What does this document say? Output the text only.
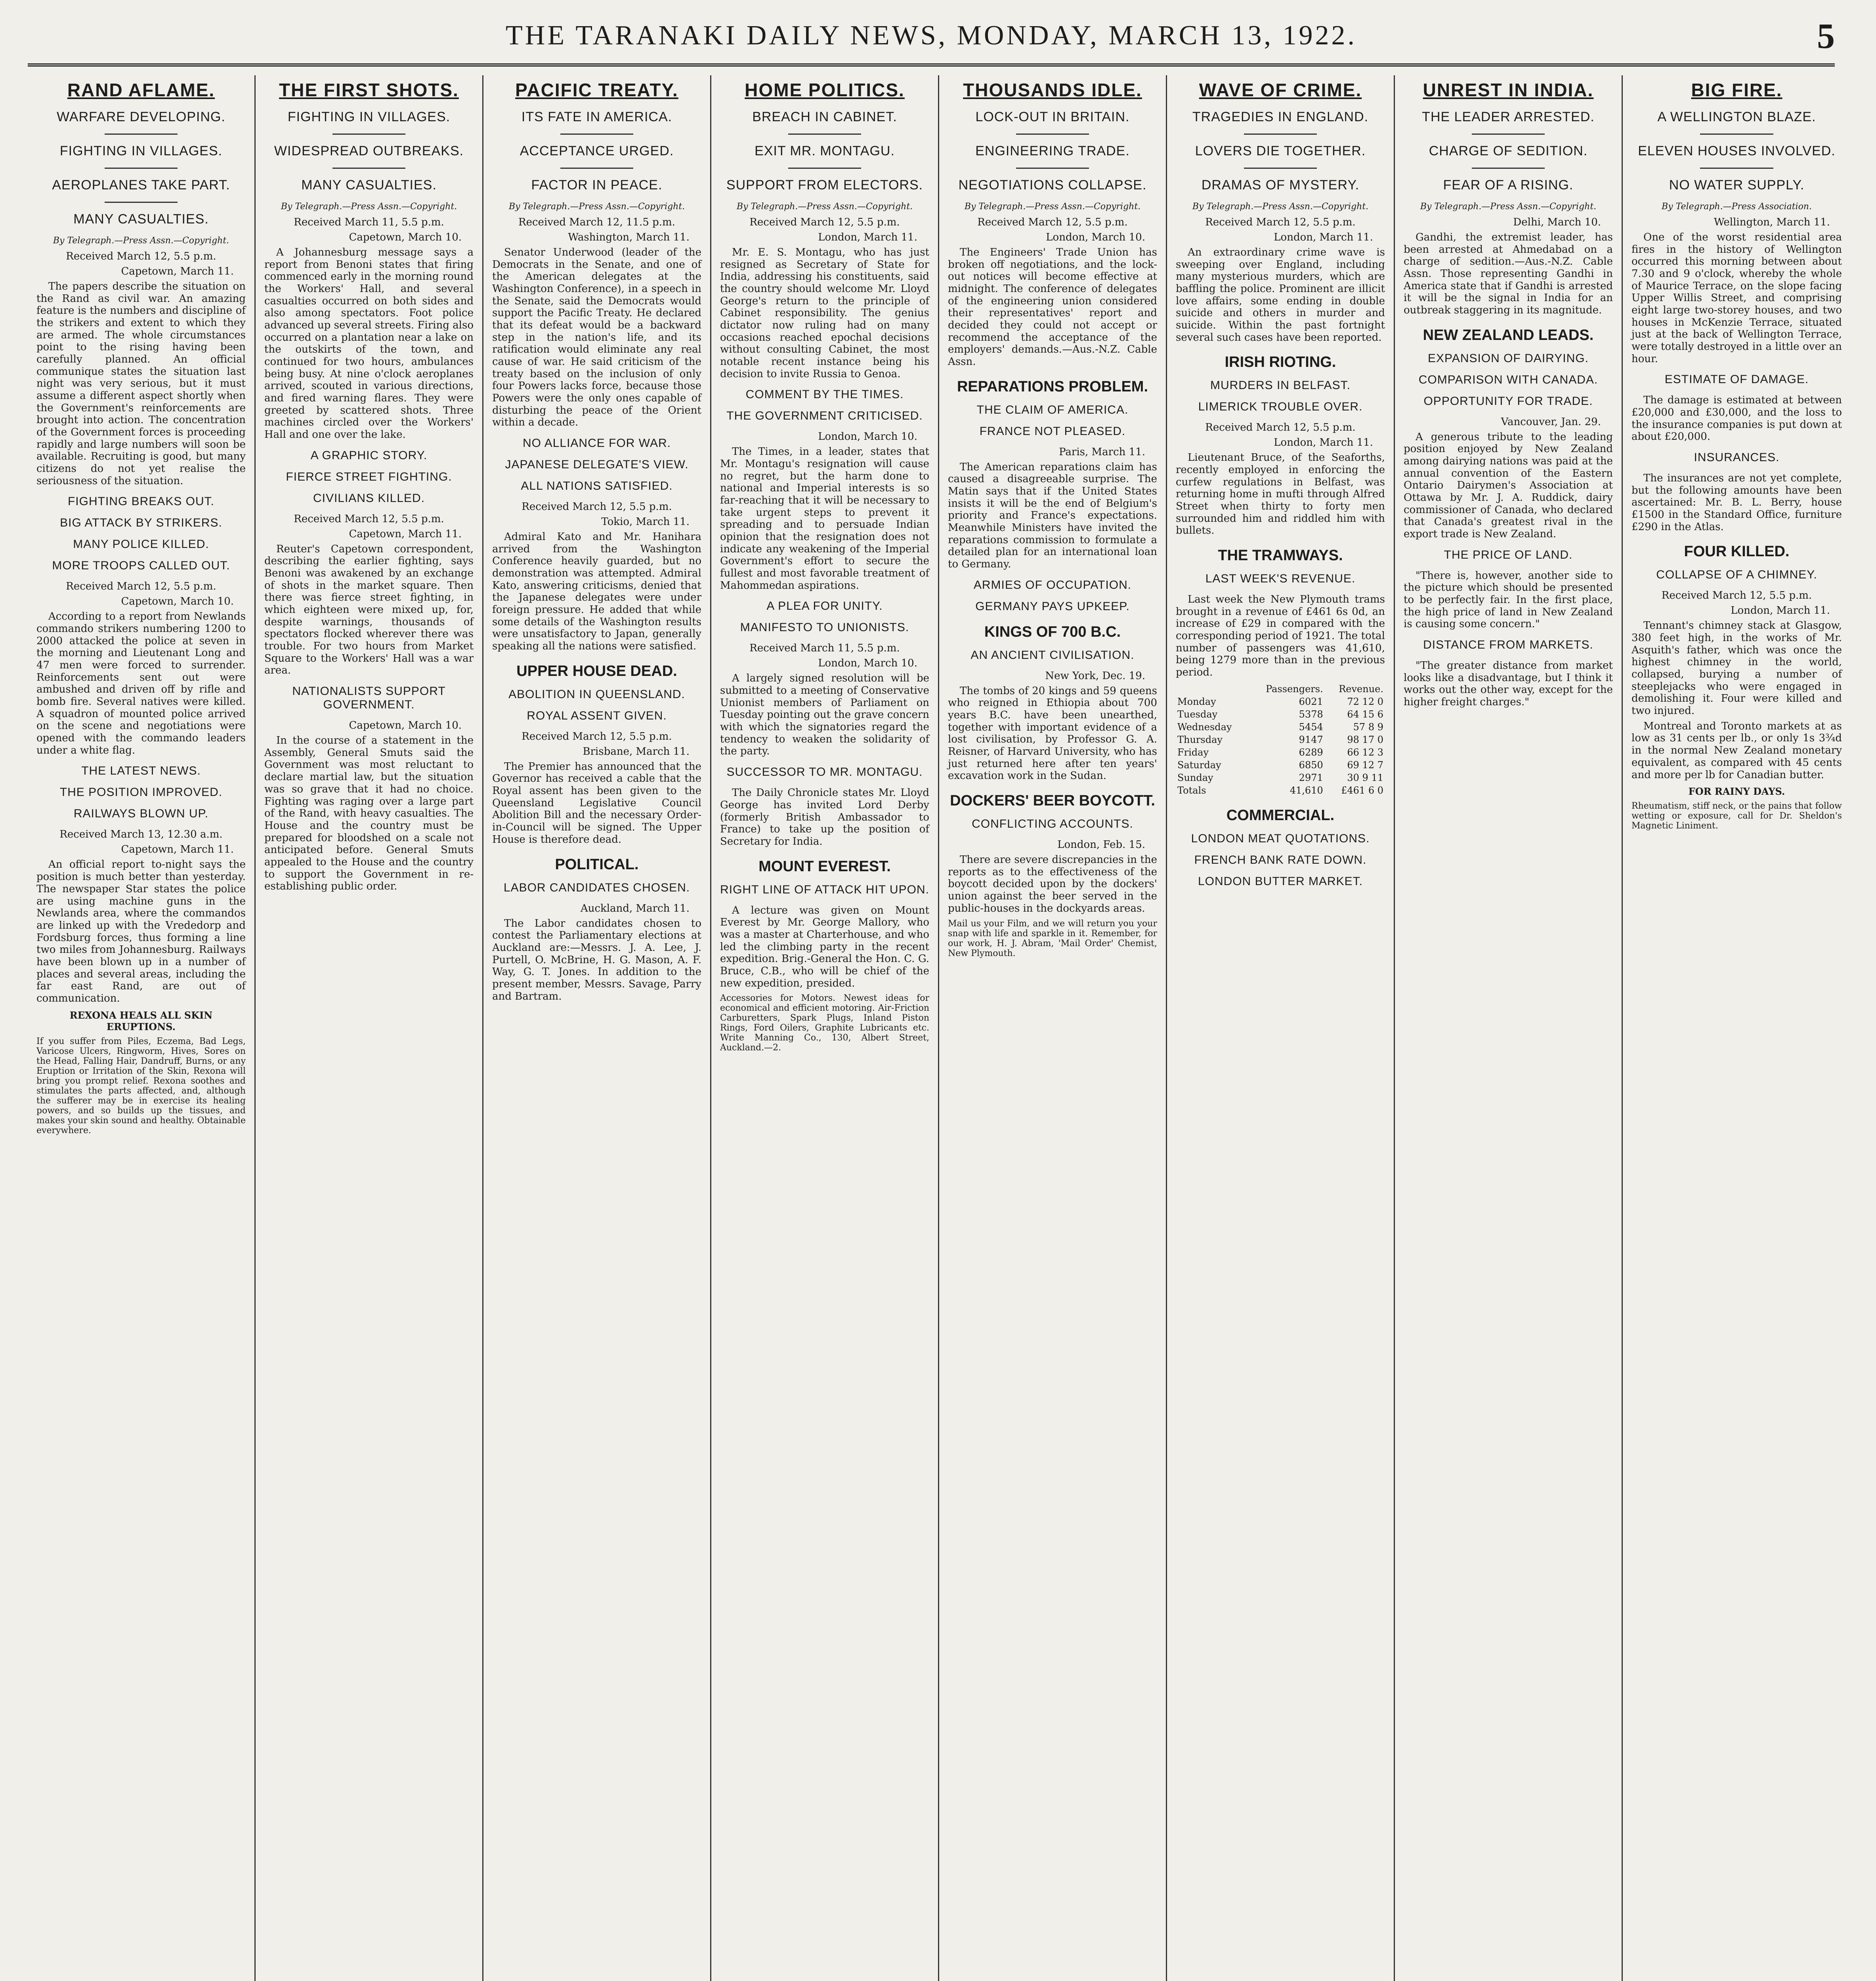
THE TARANAKI DAILY NEWS, MONDAY, MARCH 13, 1922.	5
RAND AFLAME.
WARFARE DEVELOPING.
FIGHTING IN VILLAGES.
AEROPLANES TAKE PART.
MANY CASUALTIES.
By Telegraph.—Press Assn.—Copyright.
Received March 12, 5.5 p.m.
Capetown, March 11.

The papers describe the situation on the Rand as civil war. An amazing feature is the numbers and discipline of the strikers and extent to which they are armed. The whole circumstances point to the rising having been carefully planned. An official communique states the situation last night was very serious, but it must assume a different aspect shortly when the Government's reinforcements are brought into action. The concentration of the Government forces is proceeding rapidly and large numbers will soon be available. Recruiting is good, but many citizens do not yet realise the seriousness of the situation.

FIGHTING BREAKS OUT.
BIG ATTACK BY STRIKERS.
MANY POLICE KILLED.
MORE TROOPS CALLED OUT.
Received March 12, 5.5 p.m.
Capetown, March 10.

According to a report from Newlands commando strikers numbering 1200 to 2000 attacked the police at seven in the morning and Lieutenant Long and 47 men were forced to surrender. Reinforcements sent out were ambushed and driven off by rifle and bomb fire. Several natives were killed. A squadron of mounted police arrived on the scene and negotiations were opened with the commando leaders under a white flag.

THE LATEST NEWS.
THE POSITION IMPROVED.
RAILWAYS BLOWN UP.
Received March 13, 12.30 a.m.
Capetown, March 11.

An official report to-night says the position is much better than yesterday. The newspaper Star states the police are using machine guns in the Newlands area, where the commandos are linked up with the Vrededorp and Fordsburg forces, thus forming a line two miles from Johannesburg. Railways have been blown up in a number of places and several areas, including the far east Rand, are out of communication.

REXONA HEALS ALL SKIN ERUPTIONS.

If you suffer from Piles, Eczema, Bad Legs, Varicose Ulcers, Ringworm, Hives, Sores on the Head, Falling Hair, Dandruff, Burns, or any Eruption or Irritation of the Skin, Rexona will bring you prompt relief. Rexona soothes and stimulates the parts affected, and, although the sufferer may be in exercise its healing powers, and so builds up the tissues, and makes your skin sound and healthy. Obtainable everywhere.

THE FIRST SHOTS.
FIGHTING IN VILLAGES.
WIDESPREAD OUTBREAKS.
MANY CASUALTIES.
By Telegraph.—Press Assn.—Copyright.
Received March 11, 5.5 p.m.
Capetown, March 10.

A Johannesburg message says a report from Benoni states that firing commenced early in the morning round the Workers' Hall, and several casualties occurred on both sides and also among spectators. Foot police advanced up several streets. Firing also occurred on a plantation near a lake on the outskirts of the town, and continued for two hours, ambulances being busy. At nine o'clock aeroplanes arrived, scouted in various directions, and fired warning flares. They were greeted by scattered shots. Three machines circled over the Workers' Hall and one over the lake.

A GRAPHIC STORY.
FIERCE STREET FIGHTING.
CIVILIANS KILLED.
Received March 12, 5.5 p.m.
Capetown, March 11.

Reuter's Capetown correspondent, describing the earlier fighting, says Benoni was awakened by an exchange of shots in the market square. Then there was fierce street fighting, in which eighteen were mixed up, for, despite warnings, thousands of spectators flocked wherever there was trouble. For two hours from Market Square to the Workers' Hall was a war area.

NATIONALISTS SUPPORT GOVERNMENT.
Capetown, March 10.

In the course of a statement in the Assembly, General Smuts said the Government was most reluctant to declare martial law, but the situation was so grave that it had no choice. Fighting was raging over a large part of the Rand, with heavy casualties. The House and the country must be prepared for bloodshed on a scale not anticipated before. General Smuts appealed to the House and the country to support the Government in re-establishing public order.

PACIFIC TREATY.
ITS FATE IN AMERICA.
ACCEPTANCE URGED.
FACTOR IN PEACE.
By Telegraph.—Press Assn.—Copyright.
Received March 12, 11.5 p.m.
Washington, March 11.

Senator Underwood (leader of the Democrats in the Senate, and one of the American delegates at the Washington Conference), in a speech in the Senate, said the Democrats would support the Pacific Treaty. He declared that its defeat would be a backward step in the nation's life, and its ratification would eliminate any real cause of war. He said criticism of the treaty based on the inclusion of only four Powers lacks force, because those Powers were the only ones capable of disturbing the peace of the Orient within a decade.

NO ALLIANCE FOR WAR.
JAPANESE DELEGATE'S VIEW.
ALL NATIONS SATISFIED.
Received March 12, 5.5 p.m.
Tokio, March 11.

Admiral Kato and Mr. Hanihara arrived from the Washington Conference heavily guarded, but no demonstration was attempted. Admiral Kato, answering criticisms, denied that the Japanese delegates were under foreign pressure. He added that while some details of the Washington results were unsatisfactory to Japan, generally speaking all the nations were satisfied.

UPPER HOUSE DEAD.
ABOLITION IN QUEENSLAND.
ROYAL ASSENT GIVEN.
Received March 12, 5.5 p.m.
Brisbane, March 11.

The Premier has announced that the Governor has received a cable that the Royal assent has been given to the Queensland Legislative Council Abolition Bill and the necessary Order-in-Council will be signed. The Upper House is therefore dead.

POLITICAL.
LABOR CANDIDATES CHOSEN.
Auckland, March 11.

The Labor candidates chosen to contest the Parliamentary elections at Auckland are:—Messrs. J. A. Lee, J. Purtell, O. McBrine, H. G. Mason, A. F. Way, G. T. Jones. In addition to the present member, Messrs. Savage, Parry and Bartram.

HOME POLITICS.
BREACH IN CABINET.
EXIT MR. MONTAGU.
SUPPORT FROM ELECTORS.
By Telegraph.—Press Assn.—Copyright.
Received March 12, 5.5 p.m.
London, March 11.

Mr. E. S. Montagu, who has just resigned as Secretary of State for India, addressing his constituents, said the country should welcome Mr. Lloyd George's return to the principle of Cabinet responsibility. The genius dictator now ruling had on many occasions reached epochal decisions without consulting Cabinet, the most notable recent instance being his decision to invite Russia to Genoa.

COMMENT BY THE TIMES.
THE GOVERNMENT CRITICISED.
London, March 10.

The Times, in a leader, states that Mr. Montagu's resignation will cause no regret, but the harm done to national and Imperial interests is so far-reaching that it will be necessary to take urgent steps to prevent it spreading and to persuade Indian opinion that the resignation does not indicate any weakening of the Imperial Government's effort to secure the fullest and most favorable treatment of Mahommedan aspirations.

A PLEA FOR UNITY.
MANIFESTO TO UNIONISTS.
Received March 11, 5.5 p.m.
London, March 10.

A largely signed resolution will be submitted to a meeting of Conservative Unionist members of Parliament on Tuesday pointing out the grave concern with which the signatories regard the tendency to weaken the solidarity of the party.

SUCCESSOR TO MR. MONTAGU.

The Daily Chronicle states Mr. Lloyd George has invited Lord Derby (formerly British Ambassador to France) to take up the position of Secretary for India.

MOUNT EVEREST.
RIGHT LINE OF ATTACK HIT UPON.

A lecture was given on Mount Everest by Mr. George Mallory, who was a master at Charterhouse, and who led the climbing party in the recent expedition. Brig.-General the Hon. C. G. Bruce, C.B., who will be chief of the new expedition, presided.

Accessories for Motors. Newest ideas for economical and efficient motoring. Air-Friction Carburetters, Spark Plugs, Inland Piston Rings, Ford Oilers, Graphite Lubricants etc. Write Manning Co., 130, Albert Street, Auckland.—2.

THOUSANDS IDLE.
LOCK-OUT IN BRITAIN.
ENGINEERING TRADE.
NEGOTIATIONS COLLAPSE.
By Telegraph.—Press Assn.—Copyright.
Received March 12, 5.5 p.m.
London, March 10.

The Engineers' Trade Union has broken off negotiations, and the lock-out notices will become effective at midnight. The conference of delegates of the engineering union considered their representatives' report and decided they could not accept or recommend the acceptance of the employers' demands.—Aus.-N.Z. Cable Assn.

REPARATIONS PROBLEM.
THE CLAIM OF AMERICA.
FRANCE NOT PLEASED.
Paris, March 11.

The American reparations claim has caused a disagreeable surprise. The Matin says that if the United States insists it will be the end of Belgium's priority and France's expectations. Meanwhile Ministers have invited the reparations commission to formulate a detailed plan for an international loan to Germany.

ARMIES OF OCCUPATION.
GERMANY PAYS UPKEEP.
KINGS OF 700 B.C.
AN ANCIENT CIVILISATION.
New York, Dec. 19.

The tombs of 20 kings and 59 queens who reigned in Ethiopia about 700 years B.C. have been unearthed, together with important evidence of a lost civilisation, by Professor G. A. Reisner, of Harvard University, who has just returned here after ten years' excavation work in the Sudan.

DOCKERS' BEER BOYCOTT.
CONFLICTING ACCOUNTS.
London, Feb. 15.

There are severe discrepancies in the reports as to the effectiveness of the boycott decided upon by the dockers' union against the beer served in the public-houses in the dockyards areas.

Mail us your Film, and we will return you your snap with life and sparkle in it. Remember, for our work, H. J. Abram, 'Mail Order' Chemist, New Plymouth.

WAVE OF CRIME.
TRAGEDIES IN ENGLAND.
LOVERS DIE TOGETHER.
DRAMAS OF MYSTERY.
By Telegraph.—Press Assn.—Copyright.
Received March 12, 5.5 p.m.
London, March 11.

An extraordinary crime wave is sweeping over England, including many mysterious murders, which are baffling the police. Prominent are illicit love affairs, some ending in double suicide and others in murder and suicide. Within the past fortnight several such cases have been reported.

IRISH RIOTING.
MURDERS IN BELFAST.
LIMERICK TROUBLE OVER.
Received March 12, 5.5 p.m.
London, March 11.

Lieutenant Bruce, of the Seaforths, recently employed in enforcing the curfew regulations in Belfast, was returning home in mufti through Alfred Street when thirty to forty men surrounded him and riddled him with bullets.

THE TRAMWAYS.
LAST WEEK'S REVENUE.

Last week the New Plymouth trams brought in a revenue of £461 6s 0d, an increase of £29 in compared with the corresponding period of 1921. The total number of passengers was 41,610, being 1279 more than in the previous period.

	Passengers.	Revenue.
Monday	6021	72 12 0
Tuesday	5378	64 15 6
Wednesday	5454	57 8 9
Thursday	9147	98 17 0
Friday	6289	66 12 3
Saturday	6850	69 12 7
Sunday	2971	30 9 11
Totals	41,610	£461 6 0
COMMERCIAL.
LONDON MEAT QUOTATIONS.
FRENCH BANK RATE DOWN.
LONDON BUTTER MARKET.
UNREST IN INDIA.
THE LEADER ARRESTED.
CHARGE OF SEDITION.
FEAR OF A RISING.
By Telegraph.—Press Assn.—Copyright.
Delhi, March 10.

Gandhi, the extremist leader, has been arrested at Ahmedabad on a charge of sedition.—Aus.-N.Z. Cable Assn. Those representing Gandhi in America state that if Gandhi is arrested it will be the signal in India for an outbreak staggering in its magnitude.

NEW ZEALAND LEADS.
EXPANSION OF DAIRYING.
COMPARISON WITH CANADA.
OPPORTUNITY FOR TRADE.
Vancouver, Jan. 29.

A generous tribute to the leading position enjoyed by New Zealand among dairying nations was paid at the annual convention of the Eastern Ontario Dairymen's Association at Ottawa by Mr. J. A. Ruddick, dairy commissioner of Canada, who declared that Canada's greatest rival in the export trade is New Zealand.

THE PRICE OF LAND.

"There is, however, another side to the picture which should be presented to be perfectly fair. In the first place, the high price of land in New Zealand is causing some concern."

DISTANCE FROM MARKETS.

"The greater distance from market looks like a disadvantage, but I think it works out the other way, except for the higher freight charges."

BIG FIRE.
A WELLINGTON BLAZE.
ELEVEN HOUSES INVOLVED.
NO WATER SUPPLY.
By Telegraph.—Press Association.
Wellington, March 11.

One of the worst residential area fires in the history of Wellington occurred this morning between about 7.30 and 9 o'clock, whereby the whole of Maurice Terrace, on the slope facing Upper Willis Street, and comprising eight large two-storey houses, and two houses in McKenzie Terrace, situated just at the back of Wellington Terrace, were totally destroyed in a little over an hour.

ESTIMATE OF DAMAGE.

The damage is estimated at between £20,000 and £30,000, and the loss to the insurance companies is put down at about £20,000.

INSURANCES.

The insurances are not yet complete, but the following amounts have been ascertained: Mr. B. L. Berry, house £1500 in the Standard Office, furniture £290 in the Atlas.

FOUR KILLED.
COLLAPSE OF A CHIMNEY.
Received March 12, 5.5 p.m.
London, March 11.

Tennant's chimney stack at Glasgow, 380 feet high, in the works of Mr. Asquith's father, which was once the highest chimney in the world, collapsed, burying a number of steeplejacks who were engaged in demolishing it. Four were killed and two injured.

Montreal and Toronto markets at as low as 31 cents per lb., or only 1s 3¾d in the normal New Zealand monetary equivalent, as compared with 45 cents and more per lb for Canadian butter.

FOR RAINY DAYS.

Rheumatism, stiff neck, or the pains that follow wetting or exposure, call for Dr. Sheldon's Magnetic Liniment.
